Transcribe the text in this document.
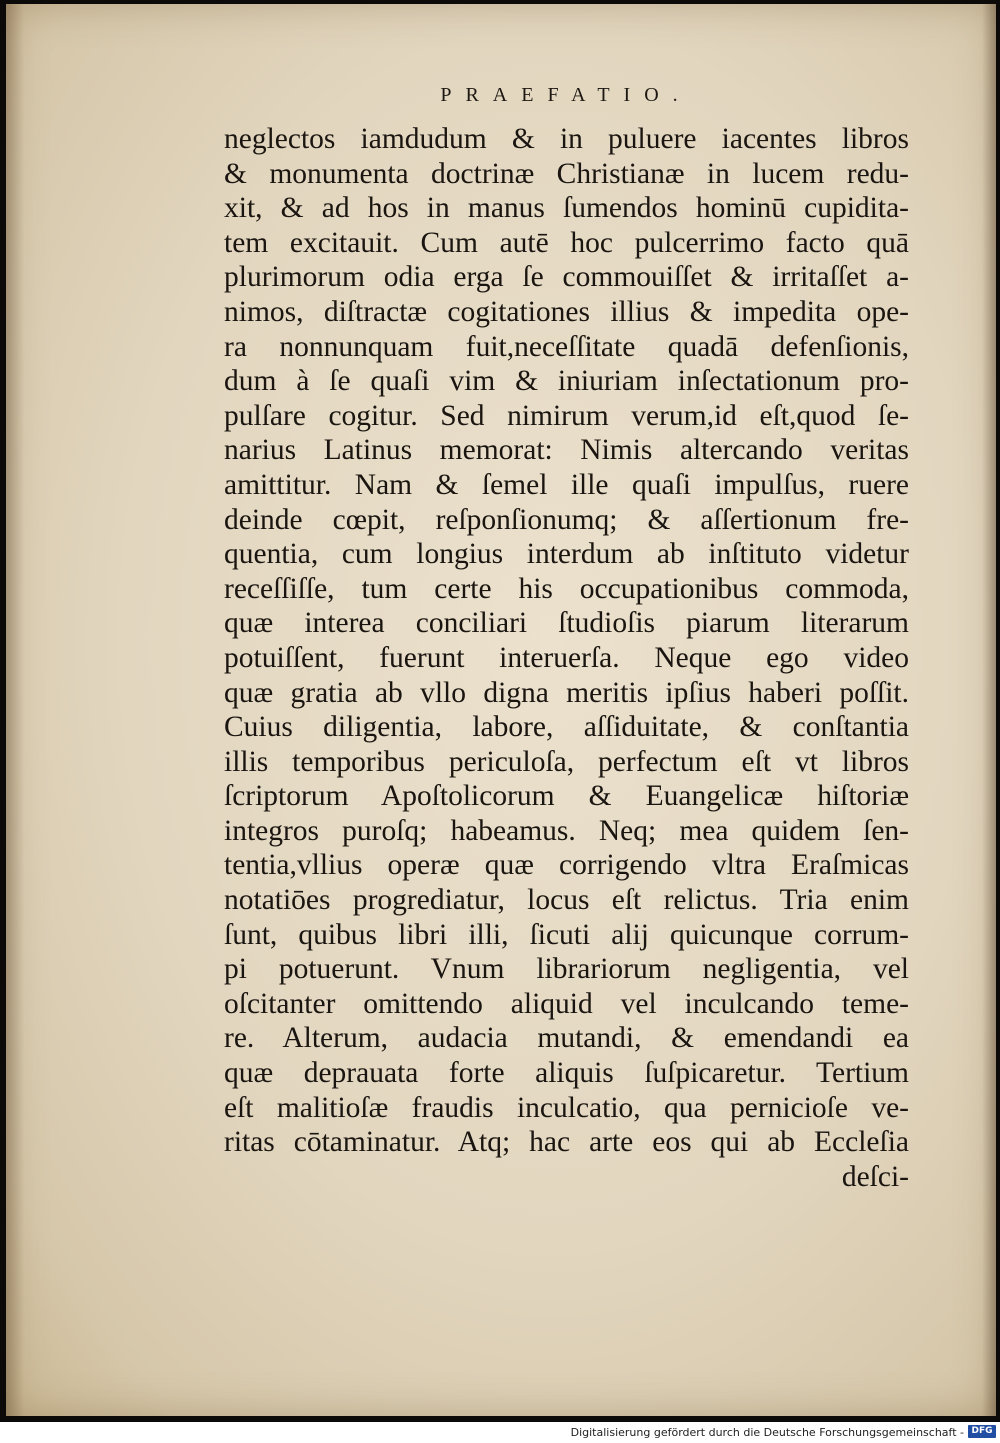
PRAEFATIO.
neglectos iamdudum & in puluere iacentes libros
& monumenta doctrinæ Christianæ in lucem redu-
xit, & ad hos in manus ſumendos hominū cupidita-
tem excitauit. Cum autē hoc pulcerrimo facto quā
plurimorum odia erga ſe commouiſſet & irritaſſet a-
nimos, diſtractæ cogitationes illius & impedita ope-
ra nonnunquam fuit,neceſſitate quadā defenſionis,
dum à ſe quaſi vim & iniuriam inſectationum pro-
pulſare cogitur. Sed nimirum verum,id eſt,quod ſe-
narius Latinus memorat: Nimis altercando veritas
amittitur. Nam & ſemel ille quaſi impulſus, ruere
deinde cœpit, reſponſionumq; & aſſertionum fre-
quentia, cum longius interdum ab inſtituto videtur
receſſiſſe, tum certe his occupationibus commoda,
quæ interea conciliari ſtudioſis piarum literarum
potuiſſent, fuerunt interuerſa. Neque ego video
quæ gratia ab vllo digna meritis ipſius haberi poſſit.
Cuius diligentia, labore, aſſiduitate, & conſtantia
illis temporibus periculoſa, perfectum eſt vt libros
ſcriptorum Apoſtolicorum & Euangelicæ hiſtoriæ
integros puroſq; habeamus. Neq; mea quidem ſen-
tentia,vllius operæ quæ corrigendo vltra Eraſmicas
notatiōes progrediatur, locus eſt relictus. Tria enim
ſunt, quibus libri illi, ſicuti alij quicunque corrum-
pi potuerunt. Vnum librariorum negligentia, vel
oſcitanter omittendo aliquid vel inculcando teme-
re. Alterum, audacia mutandi, & emendandi ea
quæ deprauata forte aliquis ſuſpicaretur. Tertium
eſt malitioſæ fraudis inculcatio, qua pernicioſe ve-
ritas cōtaminatur. Atq; hac arte eos qui ab Eccleſia
deſci-
Digitalisierung gefördert durch die Deutsche Forschungsgemeinschaft - DFG
